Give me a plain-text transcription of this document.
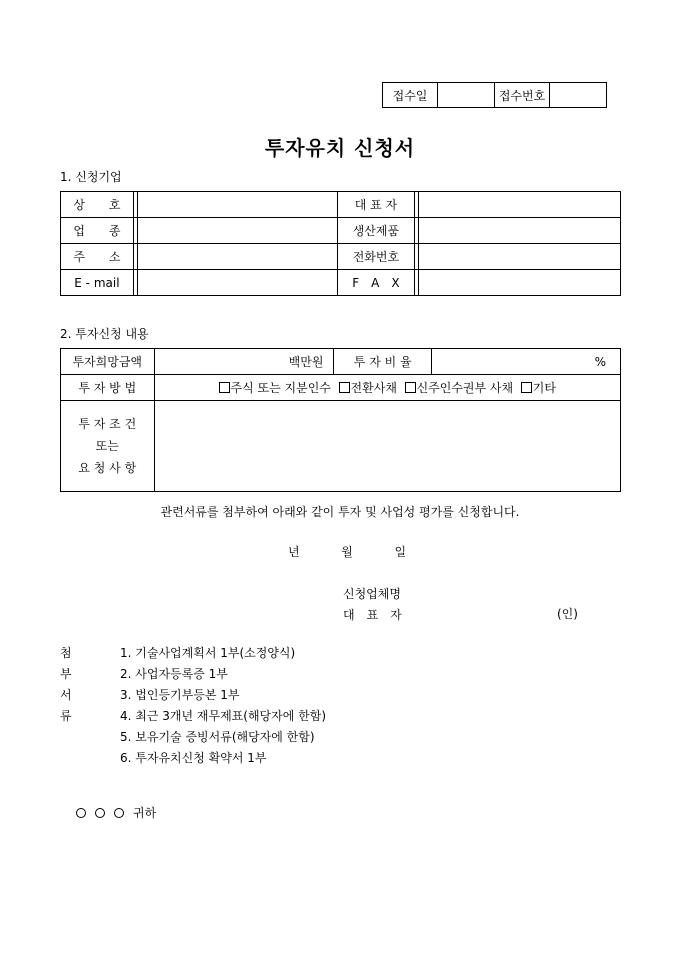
접수일		접수번호	
투자유치 신청서
1. 신청기업
상　　호			대 표 자		
업　　종			생산제품		
주　　소			전화번호		
E - mail			F　A　X		
2. 투자신청 내용
투자희망금액	백만원	투 자 비 율	%
투 자 방 법	주식 또는 지분인수 전환사채 신주인수권부 사채 기타		

투 자 조 건
또는
요 청 사 항			

관련서류를 첨부하여 아래와 같이 투자 및 사업성 평가를 신청합니다.
년	월	일
신청업체명
대　표　자	(인)
첨부서류
1. 기술사업계획서 1부(소정양식)
2. 사업자등록증 1부
3. 법인등기부등본 1부
4. 최근 3개년 재무제표(해당자에 한함)
5. 보유기술 증빙서류(해당자에 한함)
6. 투자유치신청 확약서 1부
귀하
